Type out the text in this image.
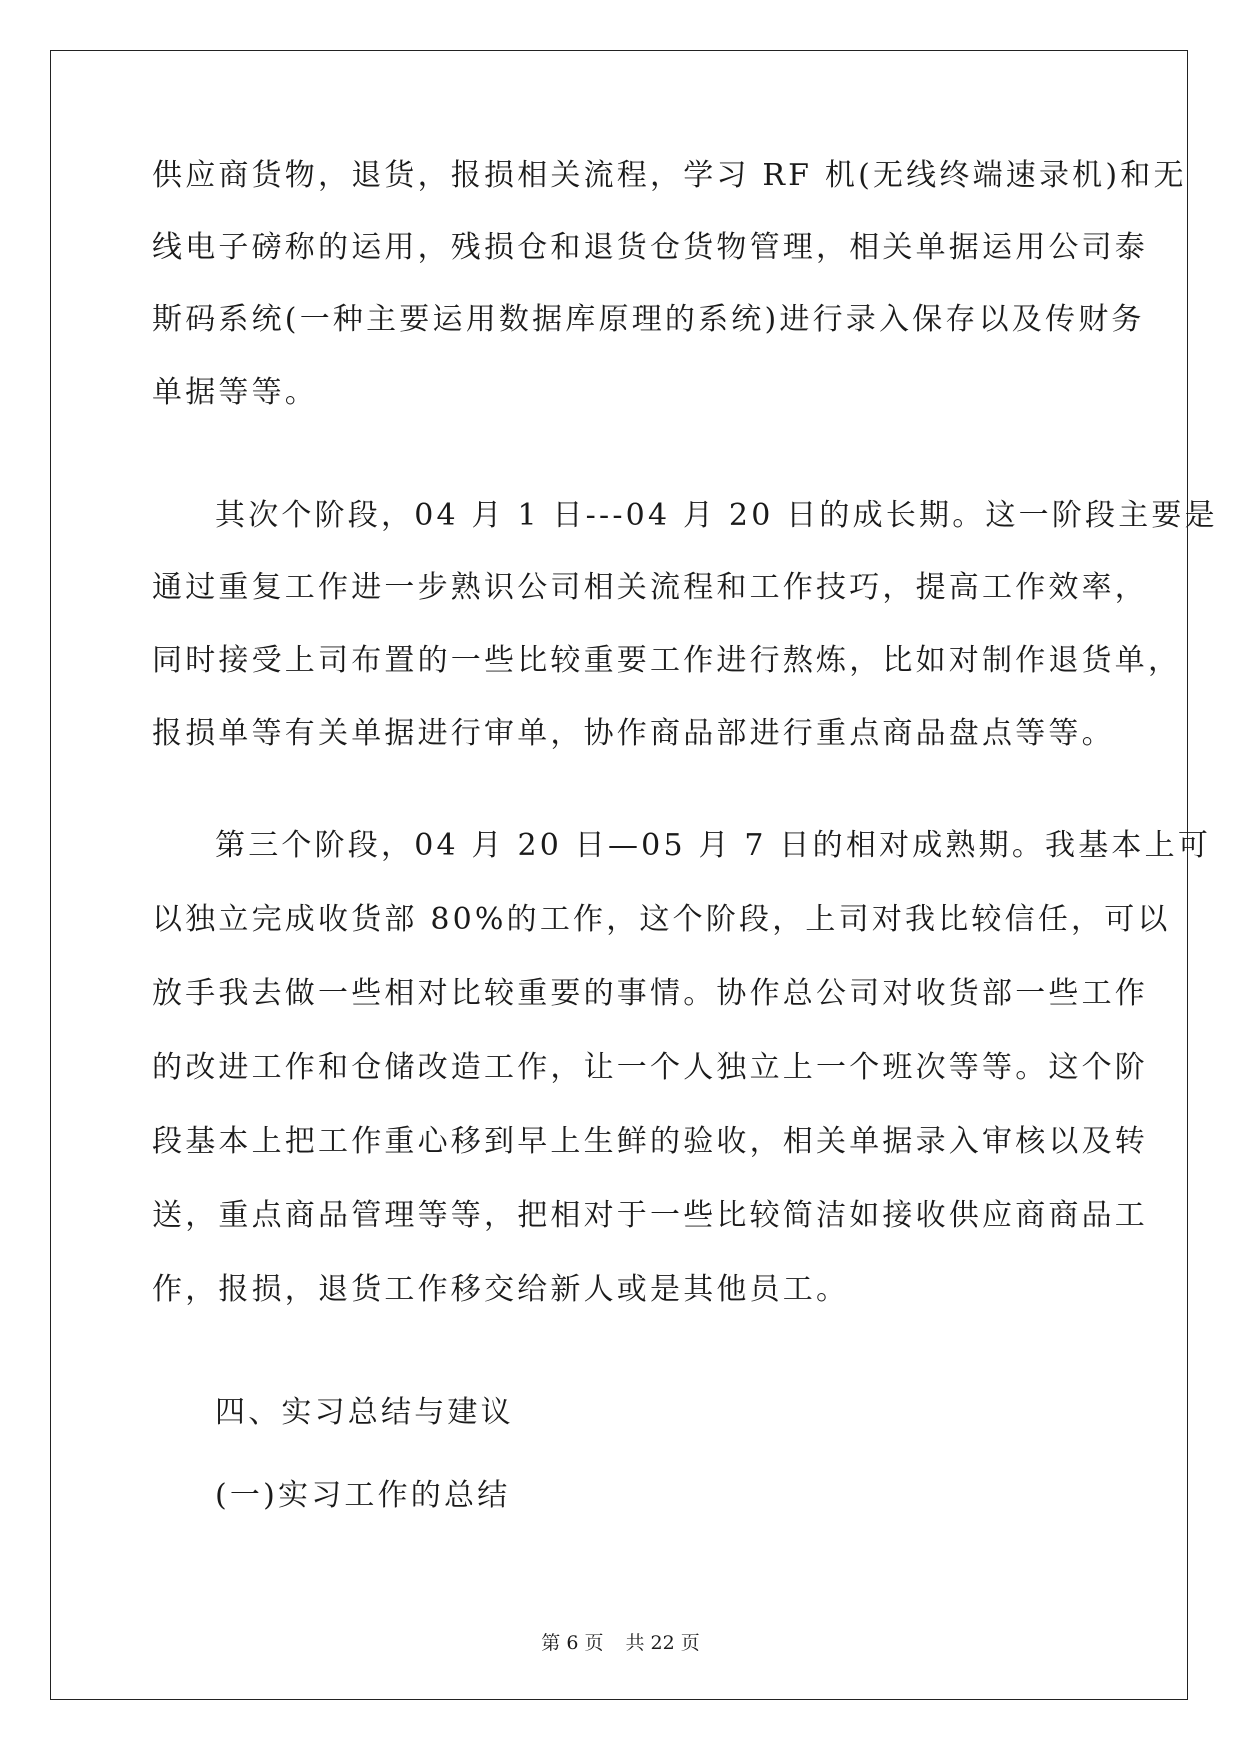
供应商货物，退货，报损相关流程，学习 RF 机(无线终端速录机)和无
线电子磅称的运用，残损仓和退货仓货物管理，相关单据运用公司泰
斯码系统(一种主要运用数据库原理的系统)进行录入保存以及传财务
单据等等。
其次个阶段，04 月 1 日---04 月 20 日的成长期。这一阶段主要是
通过重复工作进一步熟识公司相关流程和工作技巧，提高工作效率，
同时接受上司布置的一些比较重要工作进行熬炼，比如对制作退货单，
报损单等有关单据进行审单，协作商品部进行重点商品盘点等等。
第三个阶段，04 月 20 日—05 月 7 日的相对成熟期。我基本上可
以独立完成收货部 80%的工作，这个阶段，上司对我比较信任，可以
放手我去做一些相对比较重要的事情。协作总公司对收货部一些工作
的改进工作和仓储改造工作，让一个人独立上一个班次等等。这个阶
段基本上把工作重心移到早上生鲜的验收，相关单据录入审核以及转
送，重点商品管理等等，把相对于一些比较简洁如接收供应商商品工
作，报损，退货工作移交给新人或是其他员工。
四、实习总结与建议
(一)实习工作的总结
第 6 页 共 22 页
